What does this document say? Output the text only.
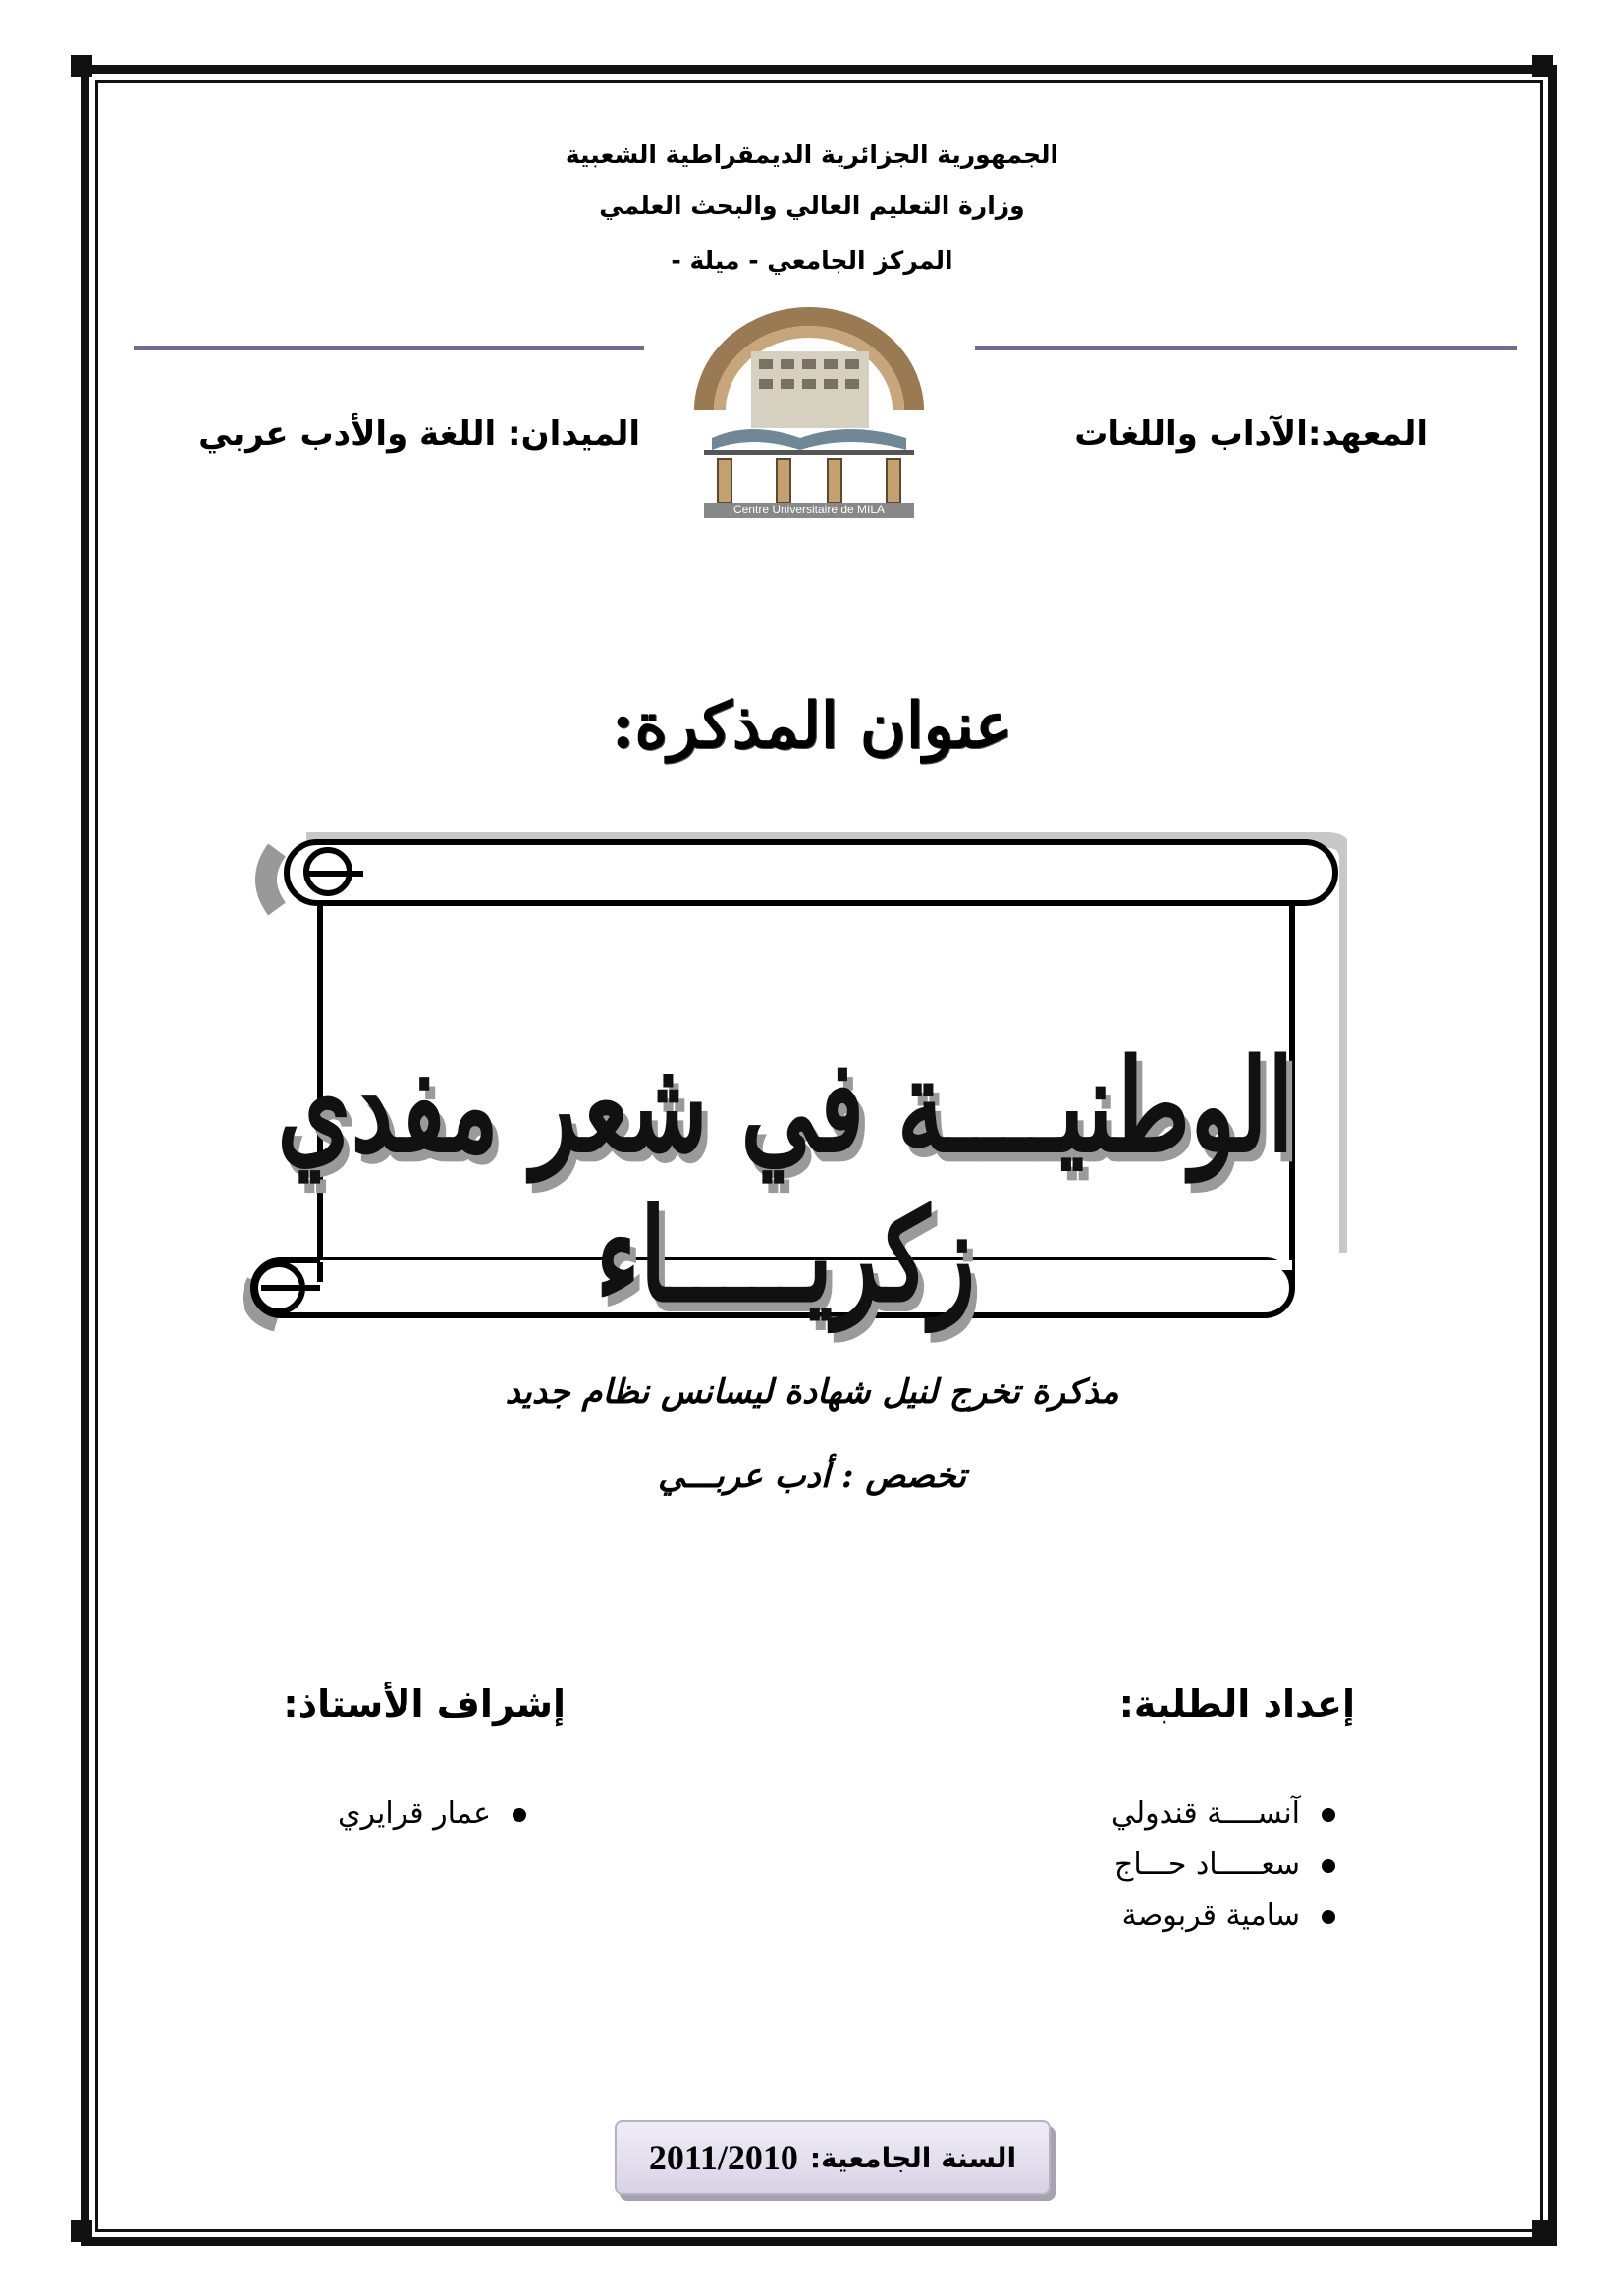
الجمهورية الجزائرية الديمقراطية الشعبية
وزارة التعليم العالي والبحث العلمي
المركز الجامعي - ميلة -
Centre Universitaire de MILA
المعهد:الآداب واللغات
الميدان: اللغة والأدب عربي
عنوان المذكرة:
الوطنيــــة في شعر مفدي زكريـــــاء
مذكرة تخرج لنيل شهادة ليسانس نظام جديد
تخصص : أدب عربـــي
إعداد الطلبة:
آنســــة قندولي
سعـــــاد حـــاج
سامية قربوصة
إشراف الأستاذ:
عمار قرايري
السنة الجامعية:
2011/2010
